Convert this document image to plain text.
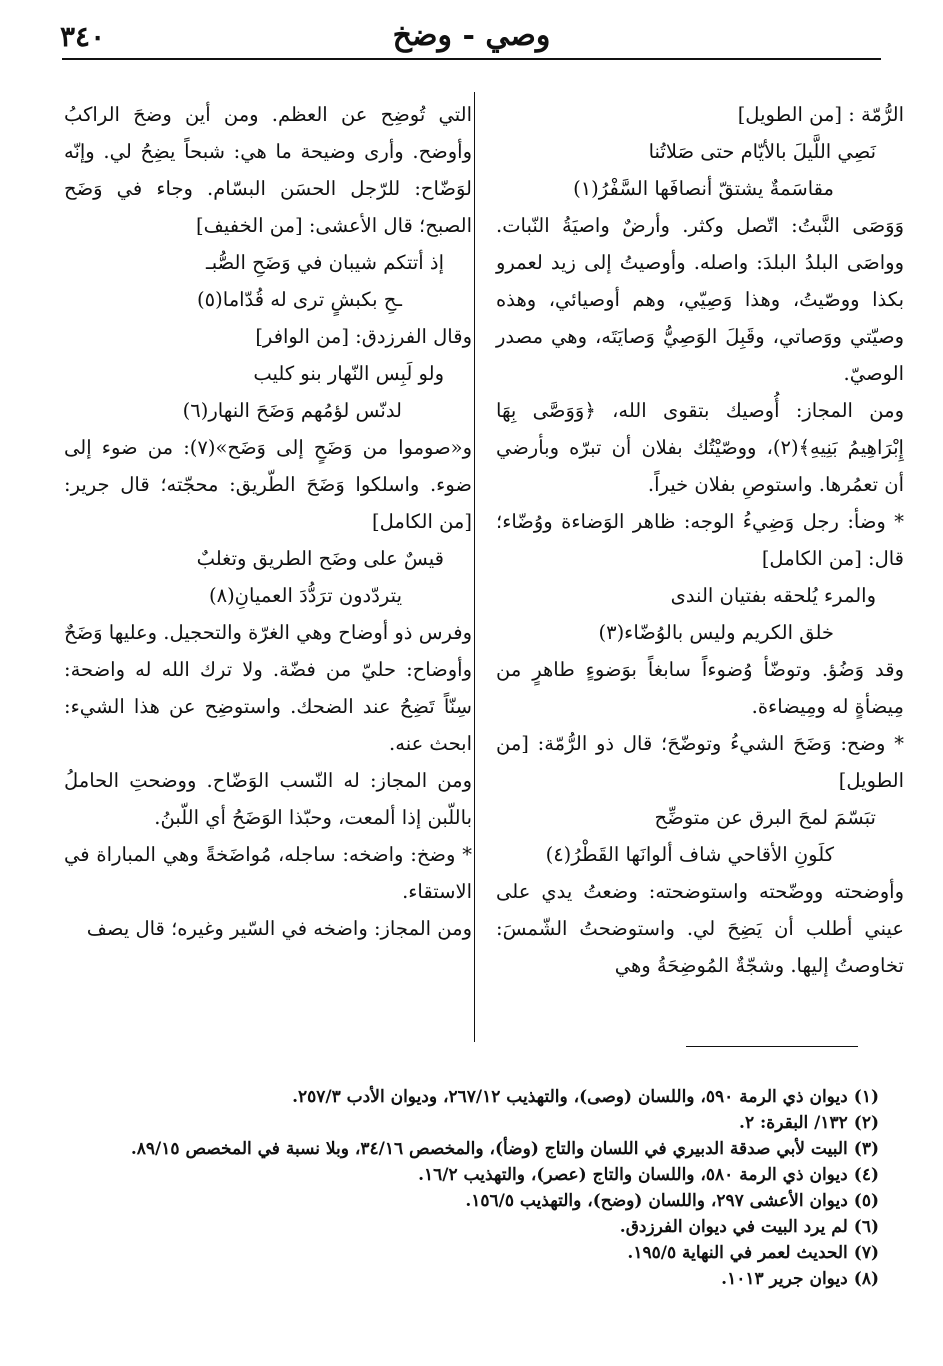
٣٤٠	وصي - وضخ
الرُّمّة : [من الطويل]
نَصِي اللَّيلَ بالأيّام حتى صَلاتُنا
مقاسَمةٌ يشتقّ أنصافَها السَّفْرُ(١)
وَوَصَى النَّبتُ: اتّصل وكثر. وأرضٌ واصيَةُ النّبات. وواصَى البلدُ البلدَ: واصله. وأوصيتُ إلى زيد لعمرو بكذا ووصّيتُ، وهذا وَصِيّي، وهم أوصيائي، وهذه وصيّتي ووَصاتي، وقَبِلَ الوَصِيُّ وَصايَتَه، وهي مصدر الوصيّ.
ومن المجاز: أُوصيك بتقوى الله، ﴿وَوَصَّى بِهَا إِبْرَاهِيمُ بَنِيهِ﴾(٢)، ووصّيْتُك بفلان أن تبرّه وبأرضي أن تعمُرها. واستوصِ بفلان خيراً.
* وضأ: رجل وَضِيءُ الوجه: ظاهر الوَضاءة ووُضّاء؛ قال: [من الكامل]
والمرء يُلحقه بفتيان الندى
خلق الكريم وليس بالوُضّاء(٣)
وقد وَضُؤ. وتوضّأ وُضوءاً سابغاً بوَضوءٍ طاهرٍ من مِيضأةٍ له ومِيضاءة.
* وضح: وَضَحَ الشيءُ وتوضّحَ؛ قال ذو الرُّمّة: [من الطويل]
تبَسّمَ لمحَ البرق عن متوضِّح
كلَونِ الأقاحي شاف ألوانَها القَطْرُ(٤)
وأوضحته ووضّحته واستوضحته: وضعتُ يدي على عيني أطلب أن يَضِحَ لي. واستوضحتُ الشّمسَ: تخاوصتُ إليها. وشجّةٌ المُوضِحَةُ وهي
التي تُوضِح عن العظم. ومن أين وضحَ الراكبُ وأوضح. وأرى وضيحة ما هي: شبحاً يضِحُ لي. وإنّه لوَضّاح: للرّجل الحسَن البسّام. وجاء في وَضَح الصبح؛ قال الأعشى: [من الخفيف]
إذ أتتكم شيبان في وَضَحِ الصُّبـ
ـحِ بكبشٍ ترى له قُدّاما(٥)
وقال الفرزدق: [من الوافر]
ولو لَبِس النّهار بنو كليب
لدنّس لؤمُهم وَضَحَ النهار(٦)
و«صوموا من وَضَحٍ إلى وَضَح»(٧): من ضوء إلى ضوء. واسلكوا وَضَحَ الطّريق: محجّته؛ قال جرير: [من الكامل]
قيسٌ على وضَح الطريق وتغلبٌ
يتردّدون ترَدُّدَ العميانِ(٨)
وفرس ذو أوضاح وهي الغرّة والتحجيل. وعليها وَضَحٌ وأوضاح: حليّ من فضّة. ولا ترك الله له واضحة: سِنّاً تَضِحُ عند الضحك. واستوضِح عن هذا الشيء: ابحث عنه.
ومن المجاز: له النّسب الوَضّاح. ووضحتِ الحاملُ باللّبن إذا ألمعت، وحبّذا الوَضَحُ أي اللّبنُ.
* وضخ: واضخه: ساجله، مُواضَخةً وهي المباراة في الاستقاء.
ومن المجاز: واضخه في السّير وغيره؛ قال يصف
(١)ديوان ذي الرمة ٥٩٠، واللسان (وصى)، والتهذيب ٢٦٧/١٢، وديوان الأدب ٢٥٧/٣.
(٢)١٣٢/ البقرة: ٢.
(٣)البيت لأبي صدقة الدبيري في اللسان والتاج (وضأ)، والمخصص ٣٤/١٦، وبلا نسبة في المخصص ٨٩/١٥.
(٤)ديوان ذي الرمة ٥٨٠، واللسان والتاج (عصر)، والتهذيب ١٦/٢.
(٥)ديوان الأعشى ٢٩٧، واللسان (وضح)، والتهذيب ١٥٦/٥.
(٦)لم يرد البيت في ديوان الفرزدق.
(٧)الحديث لعمر في النهاية ١٩٥/٥.
(٨)ديوان جرير ١٠١٣.
